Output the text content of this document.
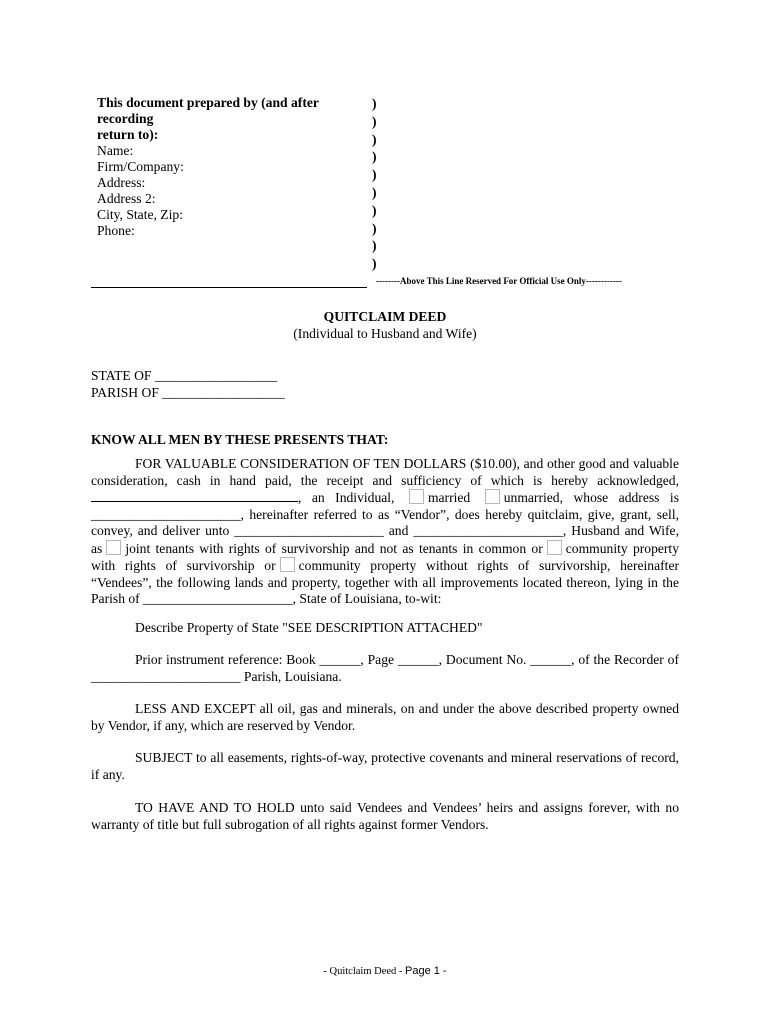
This document prepared by (and after recording
return to):
Name:
Firm/Company:
Address:
Address 2:
City, State, Zip:
Phone:
)
)
)
)
)
)
)
)
)
)
--------Above This Line Reserved For Official Use Only------------
QUITCLAIM DEED
(Individual to Husband and Wife)
STATE OF __________________
PARISH OF __________________
KNOW ALL MEN BY THESE PRESENTS THAT:
FOR VALUABLE CONSIDERATION OF TEN DOLLARS ($10.00), and other good and valuable consideration, cash in hand paid, the receipt and sufficiency of which is hereby acknowledged, , an Individual, married unmarried, whose address is ______________________, hereinafter referred to as “Vendor”, does hereby quitclaim, give, grant, sell, convey, and deliver unto ______________________ and ______________________, Husband and Wife, as joint tenants with rights of survivorship and not as tenants in common or community property with rights of survivorship or community property without rights of survivorship, hereinafter “Vendees”, the following lands and property, together with all improvements located thereon, lying in the Parish of ______________________, State of Louisiana, to-wit:
Describe Property of State "SEE DESCRIPTION ATTACHED"
Prior instrument reference: Book ______, Page ______, Document No. ______, of the Recorder of ______________________ Parish, Louisiana.
LESS AND EXCEPT all oil, gas and minerals, on and under the above described property owned by Vendor, if any, which are reserved by Vendor.
SUBJECT to all easements, rights-of-way, protective covenants and mineral reservations of record, if any.
TO HAVE AND TO HOLD unto said Vendees and Vendees’ heirs and assigns forever, with no warranty of title but full subrogation of all rights against former Vendors.
- Quitclaim Deed - Page 1 -
